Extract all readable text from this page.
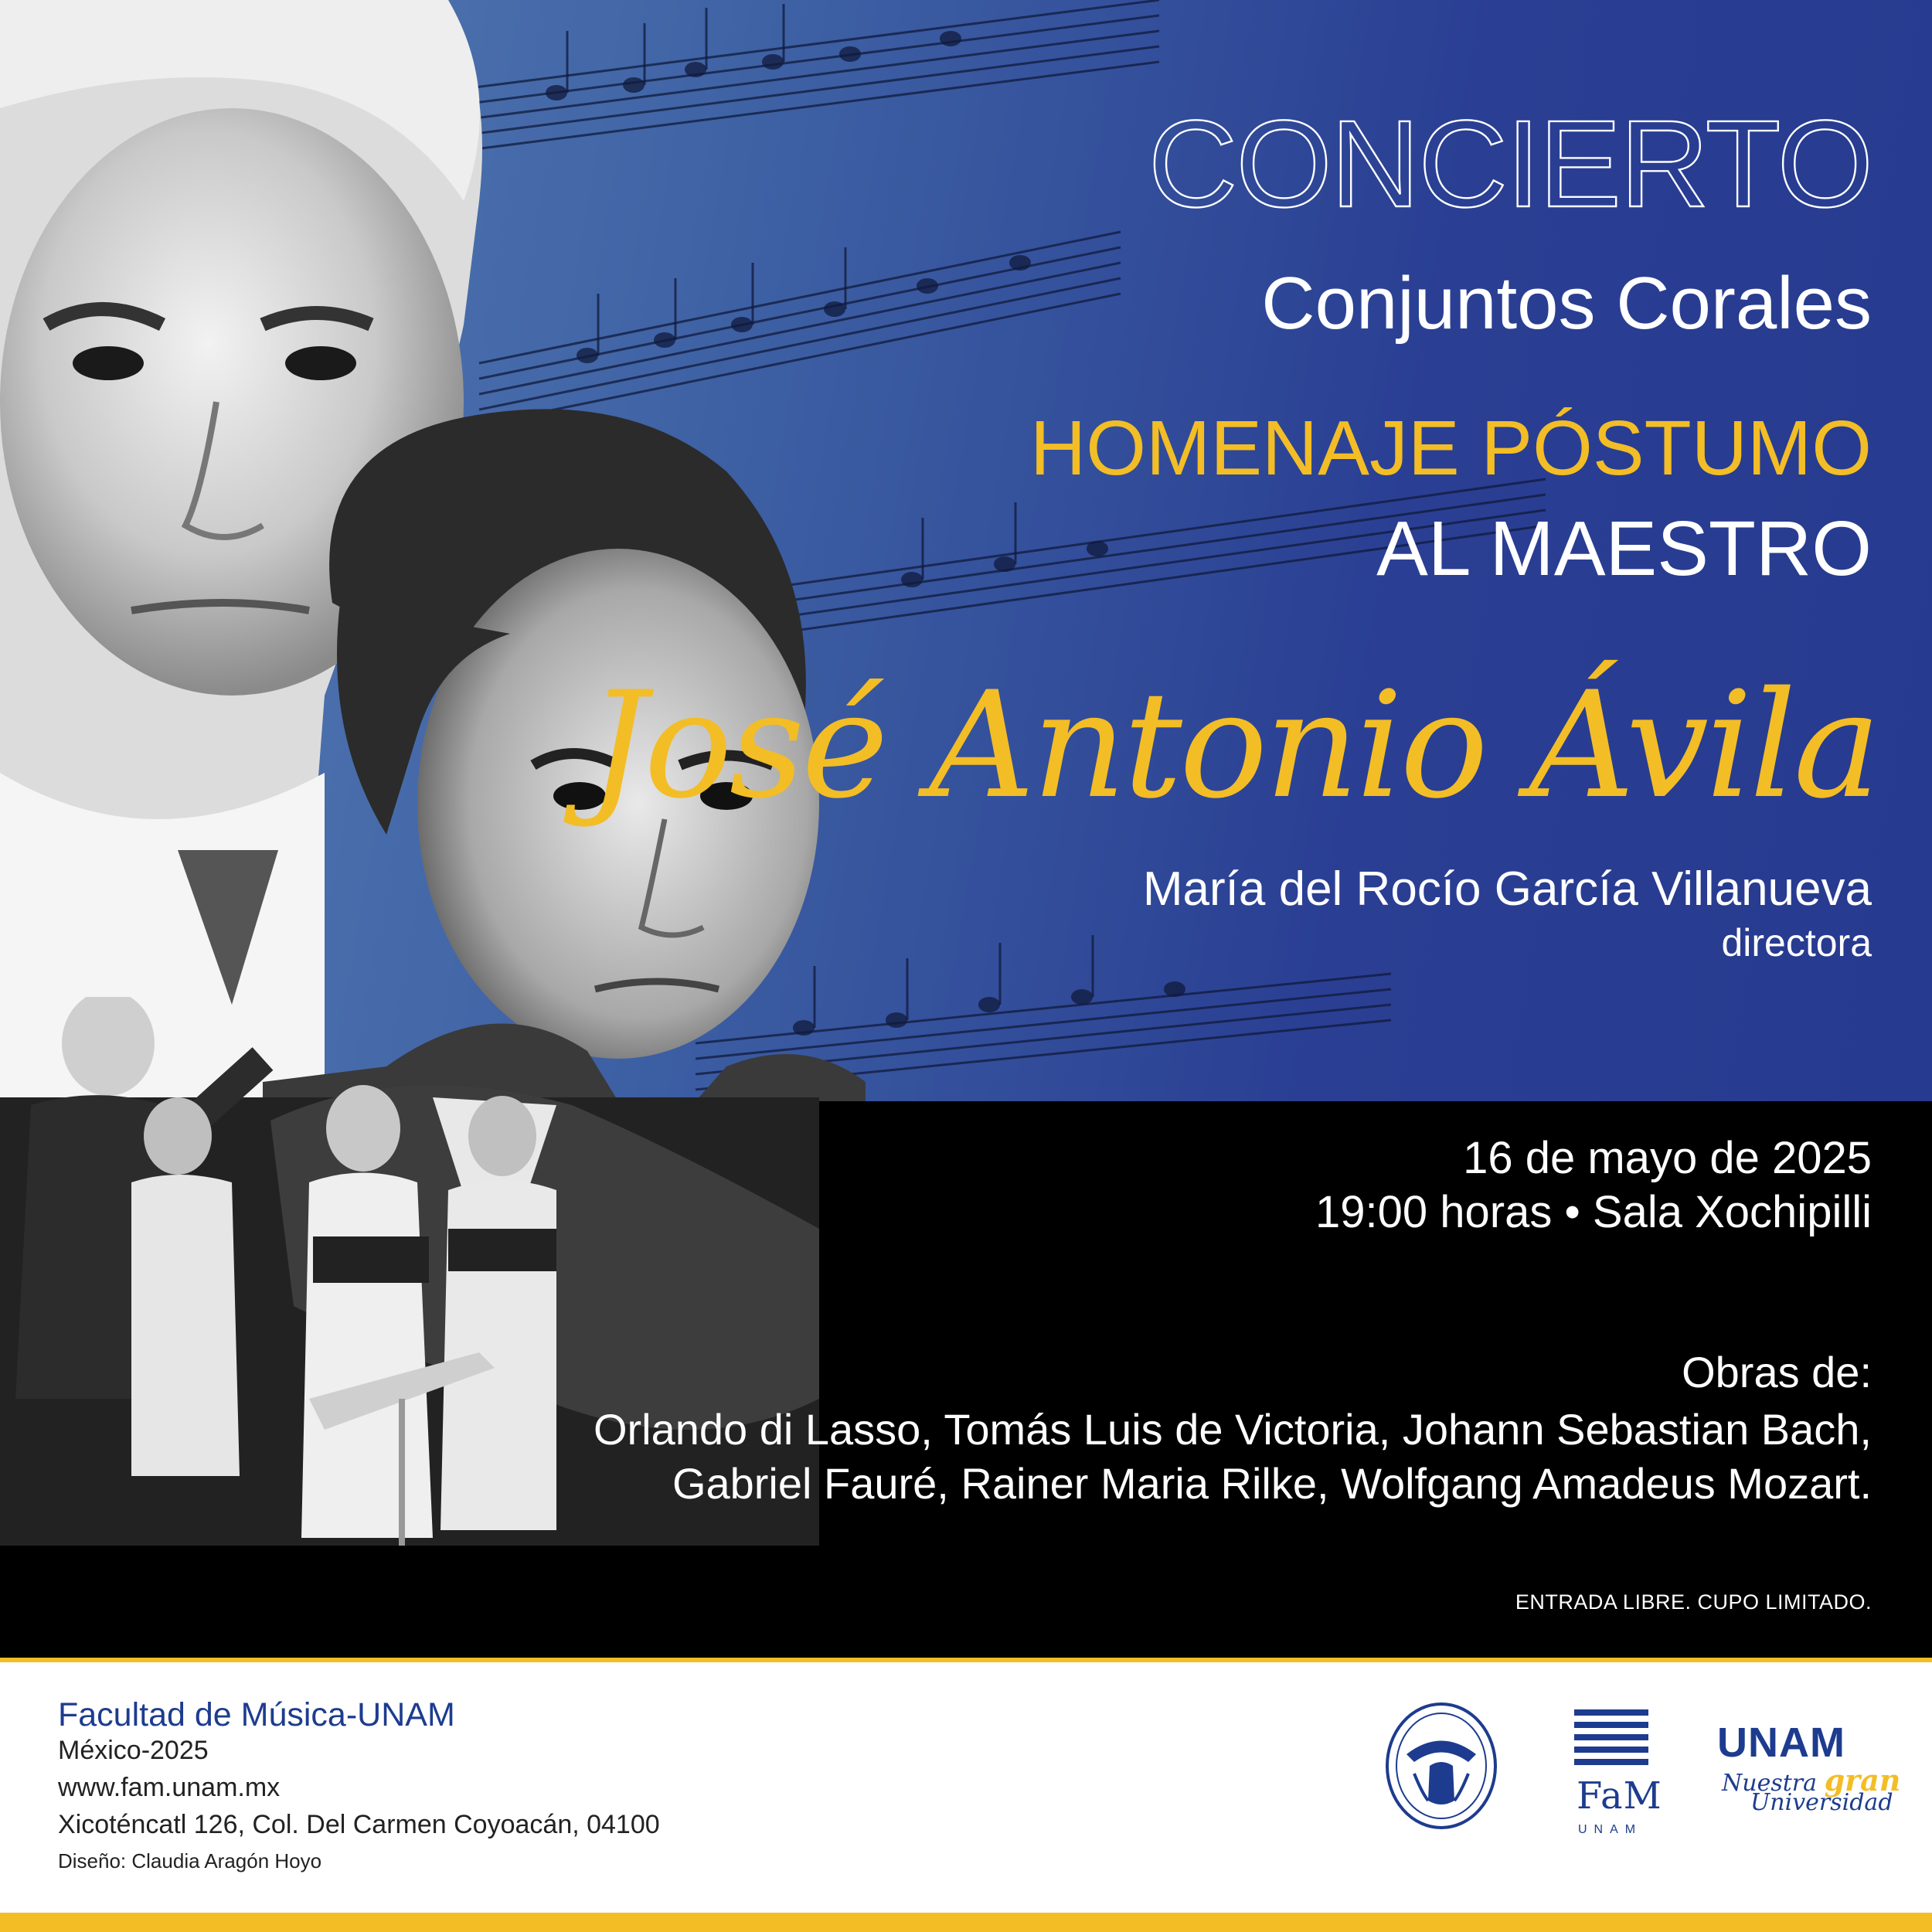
CONCIERTO
Conjuntos Corales
HOMENAJE PÓSTUMO
AL MAESTRO
José Antonio Ávila
María del Rocío García Villanueva
directora
16 de mayo de 2025
19:00 horas • Sala Xochipilli
Obras de:
Orlando di Lasso, Tomás Luis de Victoria, Johann Sebastian Bach,
Gabriel Fauré, Rainer Maria Rilke, Wolfgang Amadeus Mozart.
ENTRADA LIBRE. CUPO LIMITADO.
Facultad de Música-UNAM
México-2025
www.fam.unam.mx
Xicoténcatl 126, Col. Del Carmen Coyoacán, 04100
Diseño: Claudia Aragón Hoyo
FaM
UNAM
UNAM
Nuestra gran
Universidad
